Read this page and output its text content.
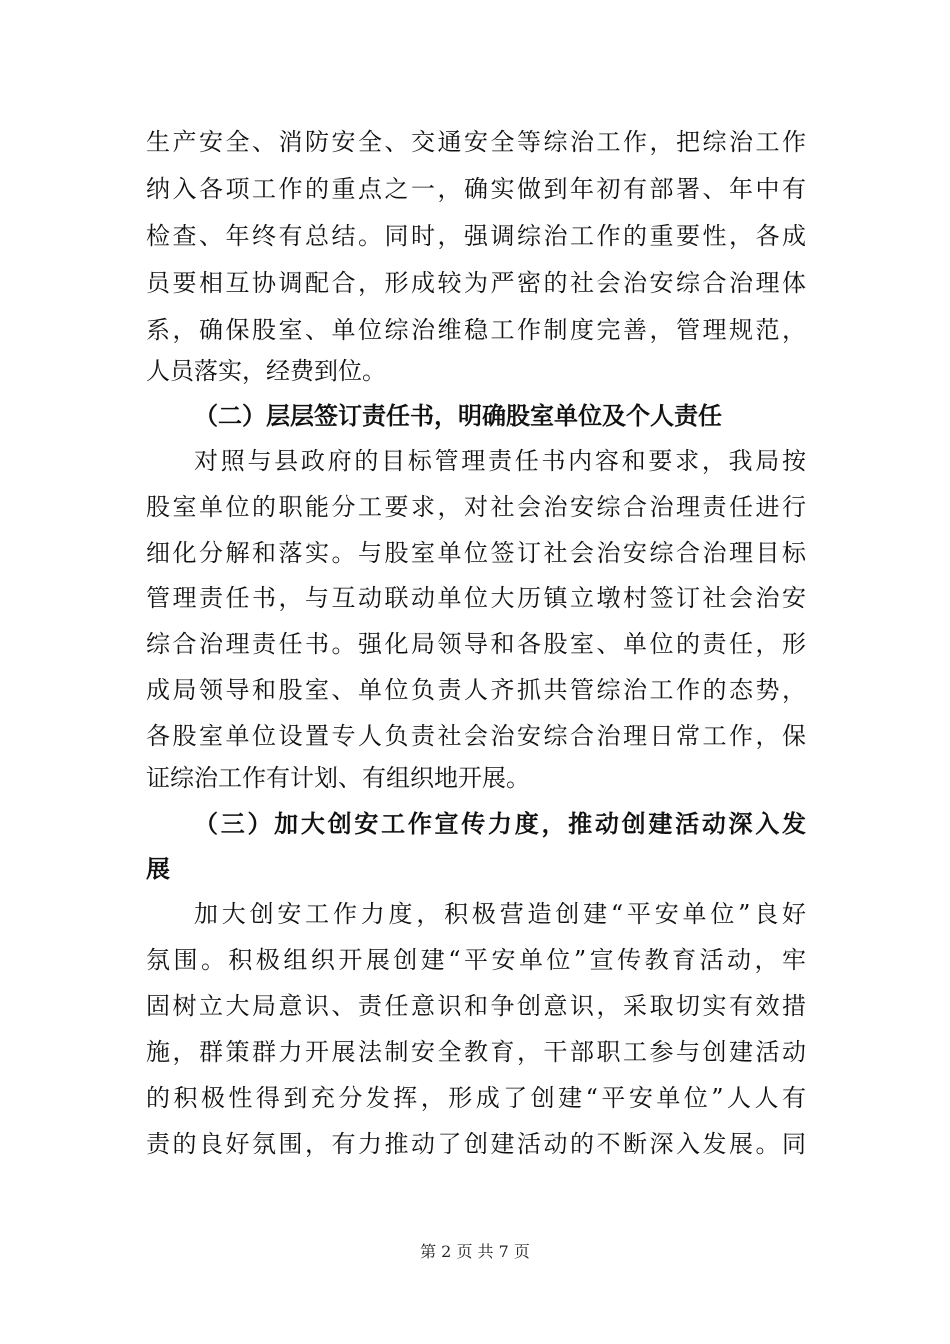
生产安全、消防安全、交通安全等综治工作，把综治工作
纳入各项工作的重点之一，确实做到年初有部署、年中有
检查、年终有总结。同时，强调综治工作的重要性，各成
员要相互协调配合，形成较为严密的社会治安综合治理体
系，确保股室、单位综治维稳工作制度完善，管理规范，
人员落实，经费到位。
（二）层层签订责任书，明确股室单位及个人责任
对照与县政府的目标管理责任书内容和要求，我局按
股室单位的职能分工要求，对社会治安综合治理责任进行
细化分解和落实。与股室单位签订社会治安综合治理目标
管理责任书，与互动联动单位大历镇立墩村签订社会治安
综合治理责任书。强化局领导和各股室、单位的责任，形
成局领导和股室、单位负责人齐抓共管综治工作的态势，
各股室单位设置专人负责社会治安综合治理日常工作，保
证综治工作有计划、有组织地开展。
（三）加大创安工作宣传力度，推动创建活动深入发
展
加大创安工作力度，积极营造创建“平安单位”良好
氛围。积极组织开展创建“平安单位”宣传教育活动，牢
固树立大局意识、责任意识和争创意识，采取切实有效措
施，群策群力开展法制安全教育，干部职工参与创建活动
的积极性得到充分发挥，形成了创建“平安单位”人人有
责的良好氛围，有力推动了创建活动的不断深入发展。同
第 2 页 共 7 页
